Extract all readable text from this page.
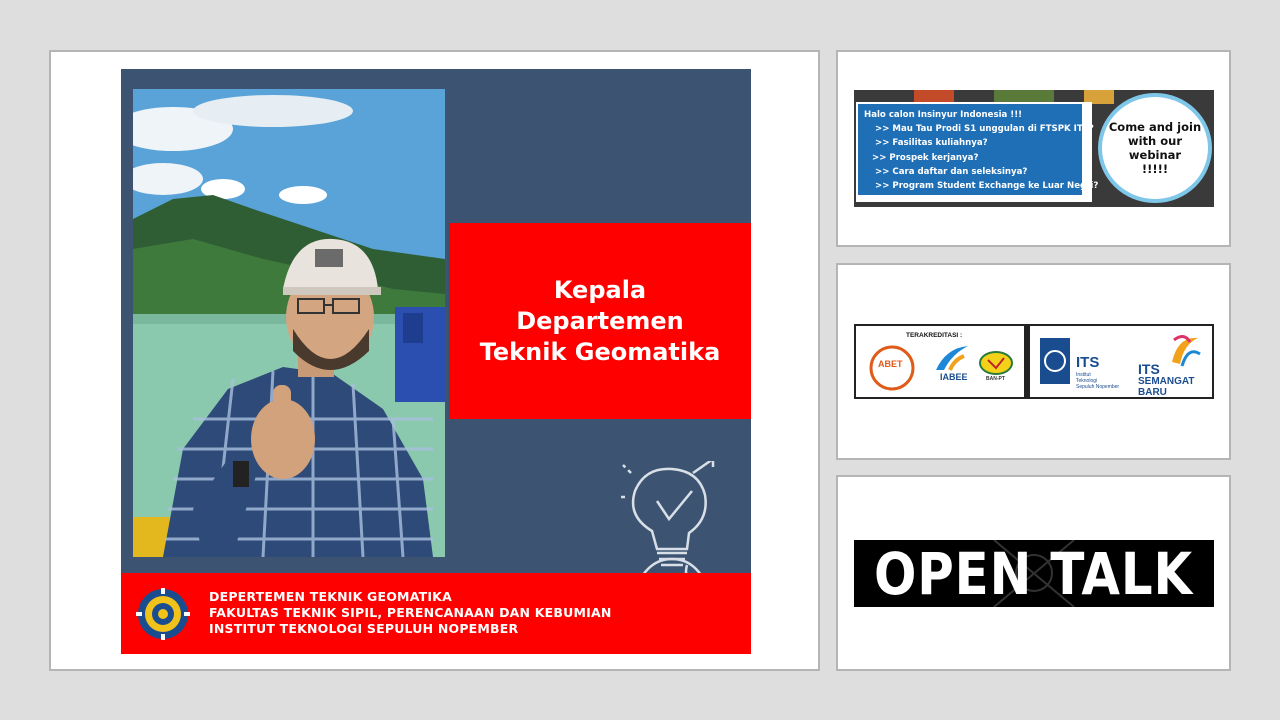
Kepala
Departemen
Teknik Geomatika
DEPERTEMEN TEKNIK GEOMATIKA
FAKULTAS TEKNIK SIPIL, PERENCANAAN DAN KEBUMIAN
INSTITUT TEKNOLOGI SEPULUH NOPEMBER
Halo calon Insinyur Indonesia !!!
>> Mau Tau Prodi S1 unggulan di FTSPK ITS?
>> Fasilitas kuliahnya?
>> Prospek kerjanya?
>> Cara daftar dan seleksinya?
>> Program Student Exchange ke Luar Negri?
Come and join
with our webinar
!!!!!
TERAKREDITASI :
ABET
IABEE	BAN-PT
ITS
Institut
Teknologi
Sepuluh Nopember
ITS
SEMANGAT
BARU
OPEN TALK
